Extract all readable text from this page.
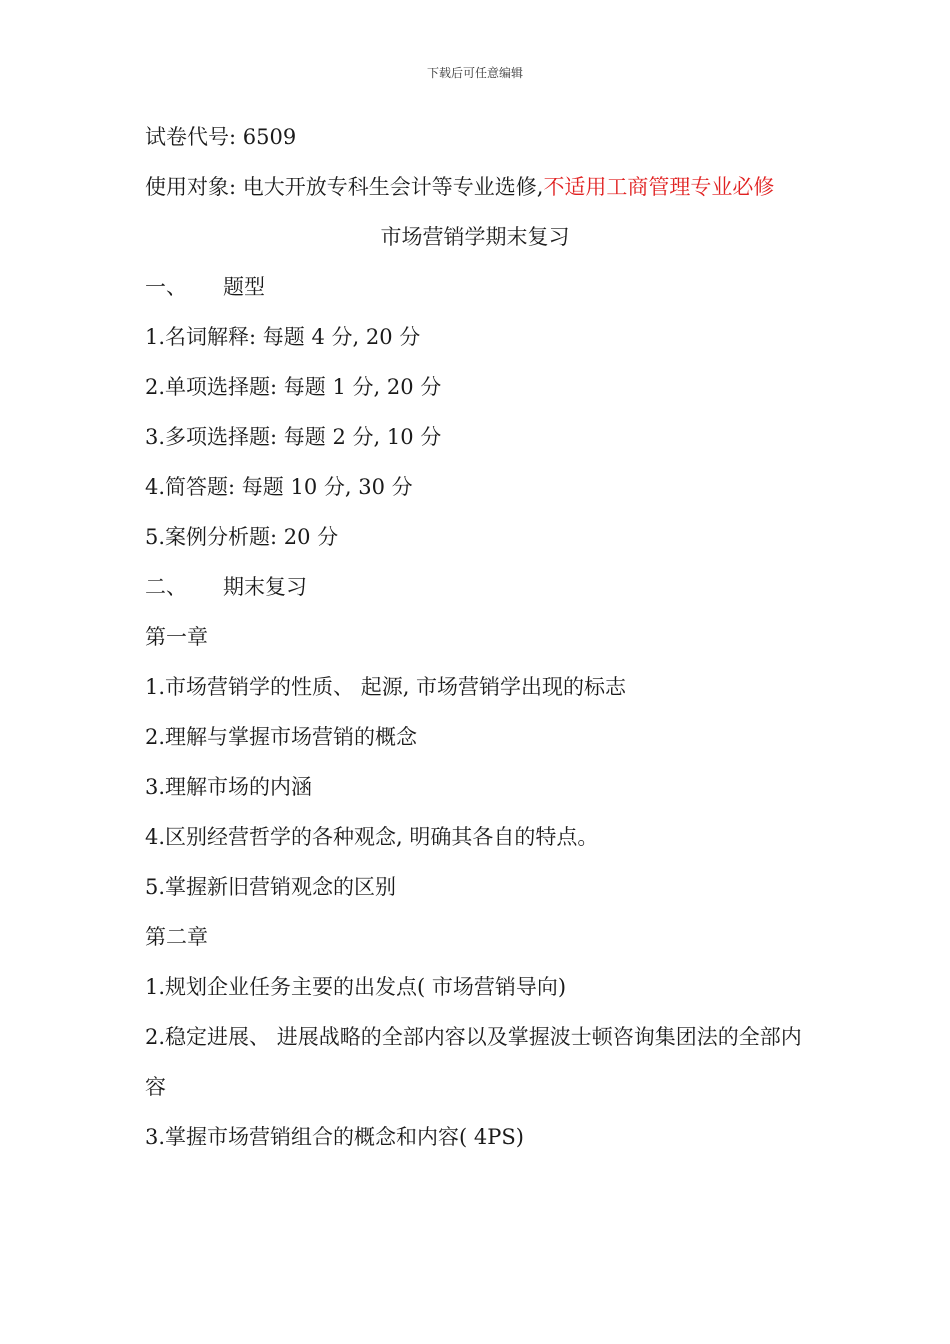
下载后可任意编辑

试卷代号: 6509

使用对象: 电大开放专科生会计等专业选修,不适用工商管理专业必修

市场营销学期末复习

一、 题型

1.名词解释: 每题 4 分, 20 分

2.单项选择题: 每题 1 分, 20 分

3.多项选择题: 每题 2 分, 10 分

4.简答题: 每题 10 分, 30 分

5.案例分析题: 20 分

二、 期末复习

第一章

1.市场营销学的性质、 起源, 市场营销学出现的标志

2.理解与掌握市场营销的概念

3.理解市场的内涵

4.区别经营哲学的各种观念, 明确其各自的特点。

5.掌握新旧营销观念的区别

第二章

1.规划企业任务主要的出发点( 市场营销导向)

2.稳定进展、 进展战略的全部内容以及掌握波士顿咨询集团法的全部内容

3.掌握市场营销组合的概念和内容( 4PS)
